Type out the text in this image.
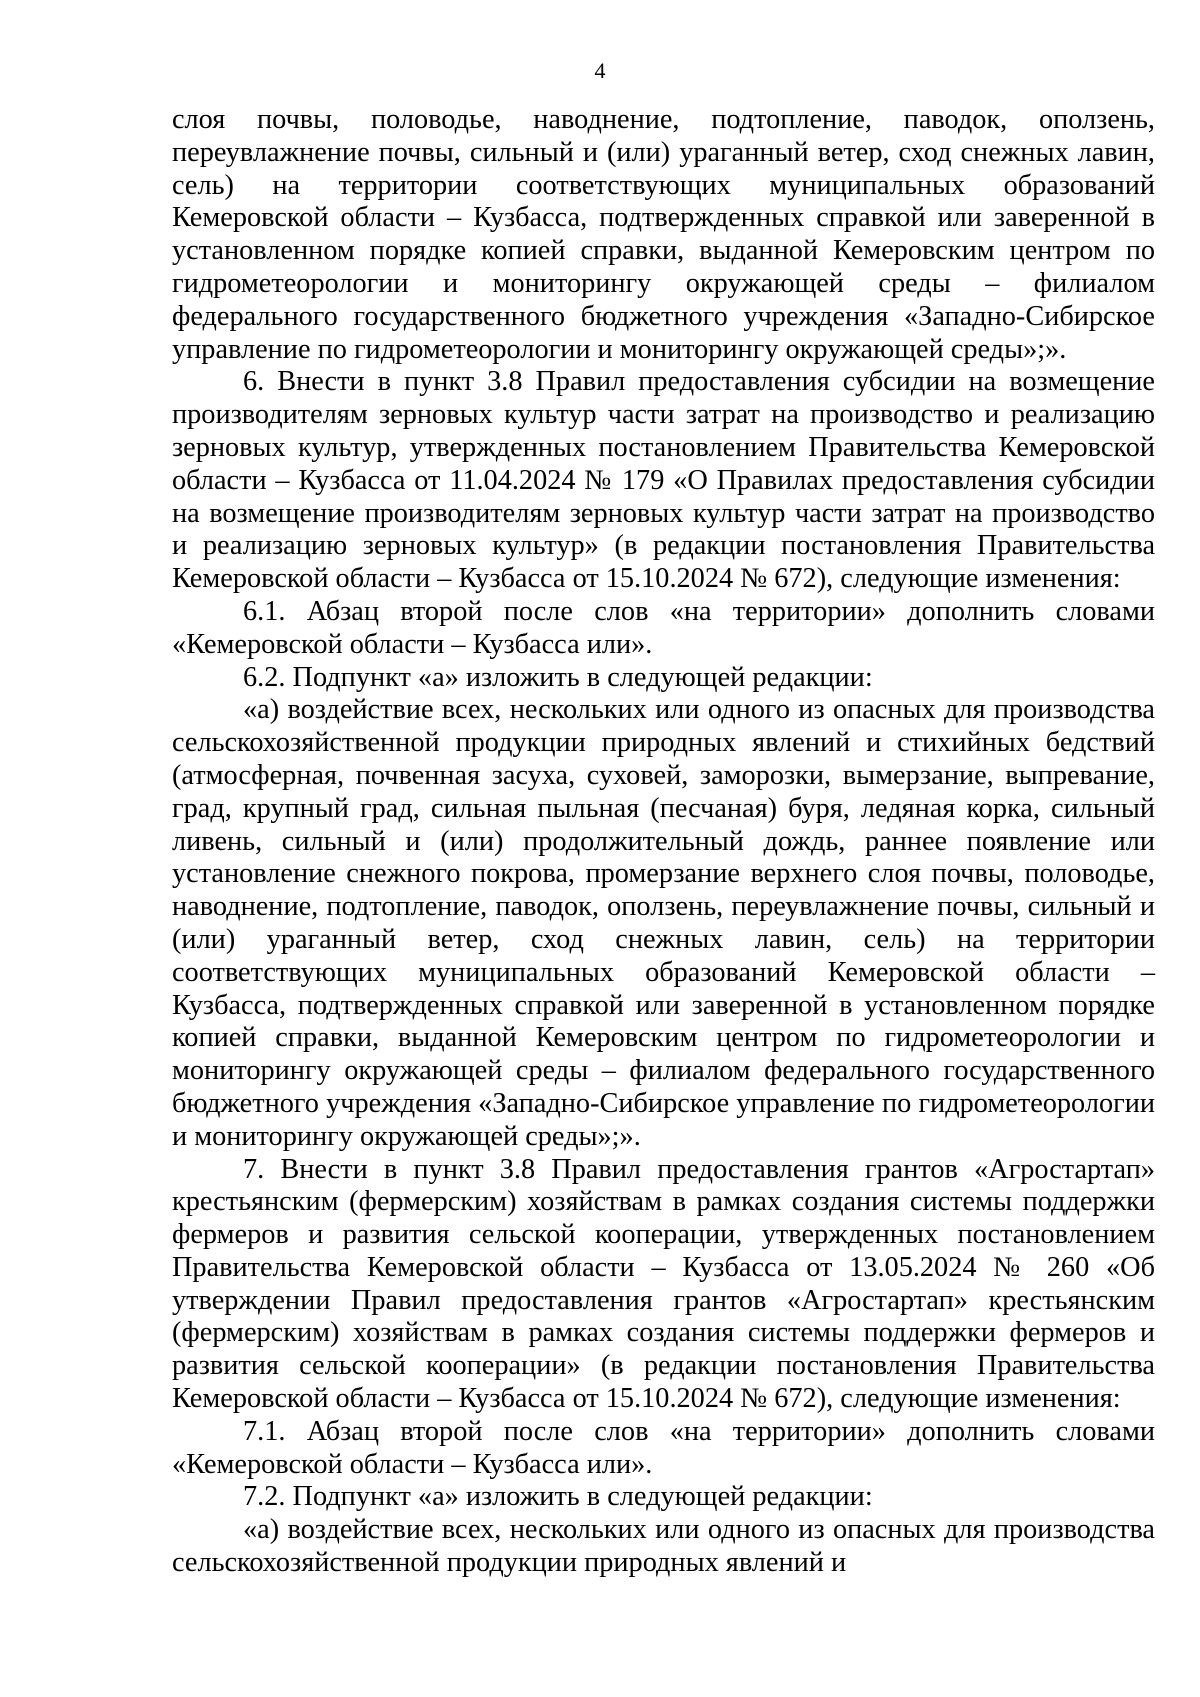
4

слоя почвы, половодье, наводнение, подтопление, паводок, оползень, переувлажнение почвы, сильный и (или) ураганный ветер, сход снежных лавин, сель) на территории соответствующих муниципальных образований Кемеровской области – Кузбасса, подтвержденных справкой или заверенной в установленном порядке копией справки, выданной Кемеровским центром по гидрометеорологии и мониторингу окружающей среды – филиалом федерального государственного бюджетного учреждения «Западно-Сибирское управление по гидрометеорологии и мониторингу окружающей среды»;».

6. Внести в пункт 3.8 Правил предоставления субсидии на возмещение производителям зерновых культур части затрат на производство и реализацию зерновых культур, утвержденных постановлением Правительства Кемеровской области – Кузбасса от 11.04.2024 № 179 «О Правилах предоставления субсидии на возмещение производителям зерновых культур части затрат на производство и реализацию зерновых культур» (в редакции постановления Правительства Кемеровской области – Кузбасса от 15.10.2024 № 672), следующие изменения:

6.1. Абзац второй после слов «на территории» дополнить словами «Кемеровской области – Кузбасса или».

6.2. Подпункт «а» изложить в следующей редакции:

«а) воздействие всех, нескольких или одного из опасных для производства сельскохозяйственной продукции природных явлений и стихийных бедствий (атмосферная, почвенная засуха, суховей, заморозки, вымерзание, выпревание, град, крупный град, сильная пыльная (песчаная) буря, ледяная корка, сильный ливень, сильный и (или) продолжительный дождь, раннее появление или установление снежного покрова, промерзание верхнего слоя почвы, половодье, наводнение, подтопление, паводок, оползень, переувлажнение почвы, сильный и (или) ураганный ветер, сход снежных лавин, сель) на территории соответствующих муниципальных образований Кемеровской области – Кузбасса, подтвержденных справкой или заверенной в установленном порядке копией справки, выданной Кемеровским центром по гидрометеорологии и мониторингу окружающей среды – филиалом федерального государственного бюджетного учреждения «Западно-Сибирское управление по гидрометеорологии и мониторингу окружающей среды»;».

7. Внести в пункт 3.8 Правил предоставления грантов «Агростартап» крестьянским (фермерским) хозяйствам в рамках создания системы поддержки фермеров и развития сельской кооперации, утвержденных постановлением Правительства Кемеровской области – Кузбасса от 13.05.2024 № 260 «Об утверждении Правил предоставления грантов «Агростартап» крестьянским (фермерским) хозяйствам в рамках создания системы поддержки фермеров и развития сельской кооперации» (в редакции постановления Правительства Кемеровской области – Кузбасса от 15.10.2024 № 672), следующие изменения:

7.1. Абзац второй после слов «на территории» дополнить словами «Кемеровской области – Кузбасса или».

7.2. Подпункт «а» изложить в следующей редакции:

«а) воздействие всех, нескольких или одного из опасных для производства сельскохозяйственной продукции природных явлений и
